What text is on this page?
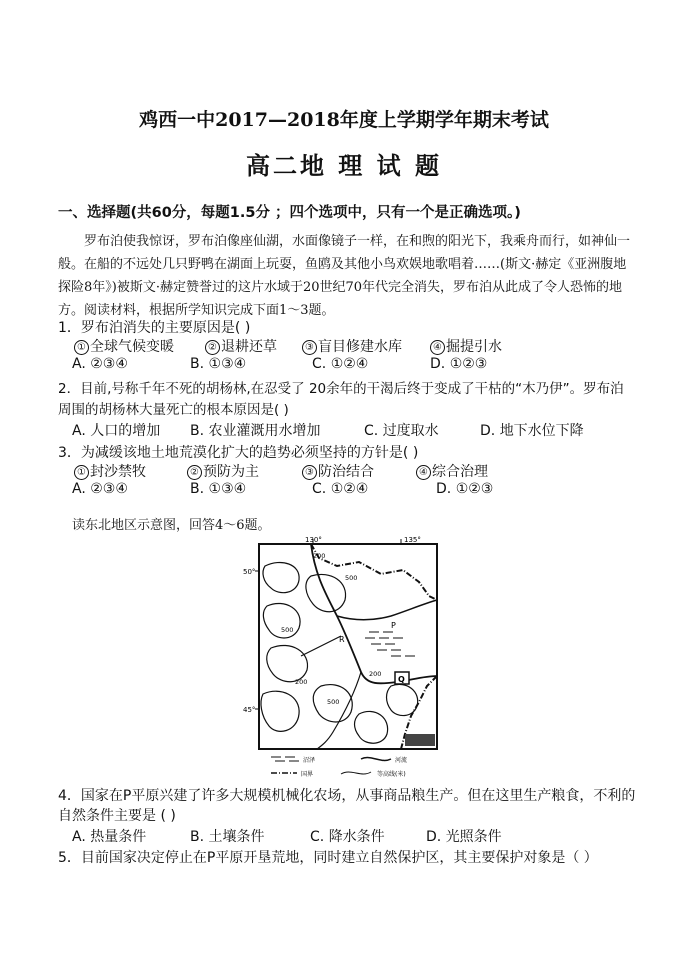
鸡西一中2017—2018年度上学期学年期末考试
高二地 理 试 题
一、选择题(共60分，每题1.5分 ；四个选项中，只有一个是正确选项。)
罗布泊使我惊讶，罗布泊像座仙湖，水面像镜子一样，在和煦的阳光下，我乘舟而行，如神仙一般。在船的不远处几只野鸭在湖面上玩耍，鱼鸥及其他小鸟欢娱地歌唱着……(斯文·赫定《亚洲腹地探险8年》)被斯文·赫定赞誉过的这片水域于20世纪70年代完全消失，罗布泊从此成了令人恐怖的地方。阅读材料，根据所学知识完成下面1～3题。
1．罗布泊消失的主要原因是( )
① 全球气候变暖	② 退耕还草	③ 盲目修建水库	④ 掘提引水
A. ②③④	B. ①③④	C. ①②④	D. ①②③
2．目前,号称千年不死的胡杨林,在忍受了 20余年的干渴后终于变成了干枯的“木乃伊”。罗布泊
周围的胡杨林大量死亡的根本原因是( )
A. 人口的增加 B. 农业灌溉用水增加	C. 过度取水	D. 地下水位下降
3．为减缓该地土地荒漠化扩大的趋势必须坚持的方针是( )
① 封沙禁牧	② 预防为主	③ 防治结合	④ 综合治理
A. ②③④	B. ①③④	C. ①②④	D. ①②③
读东北地区示意图，回答4～6题。
130°	135°
50°
45°
200
500
500
200
200
500
R
P
Q
沼泽	河流
国界	等高线(米)
4．国家在P平原兴建了许多大规模机械化农场，从事商品粮生产。但在这里生产粮食，不利的
自然条件主要是 ( )
A. 热量条件	B. 土壤条件	C. 降水条件	D. 光照条件
5．目前国家决定停止在P平原开垦荒地，同时建立自然保护区，其主要保护对象是（ ）
